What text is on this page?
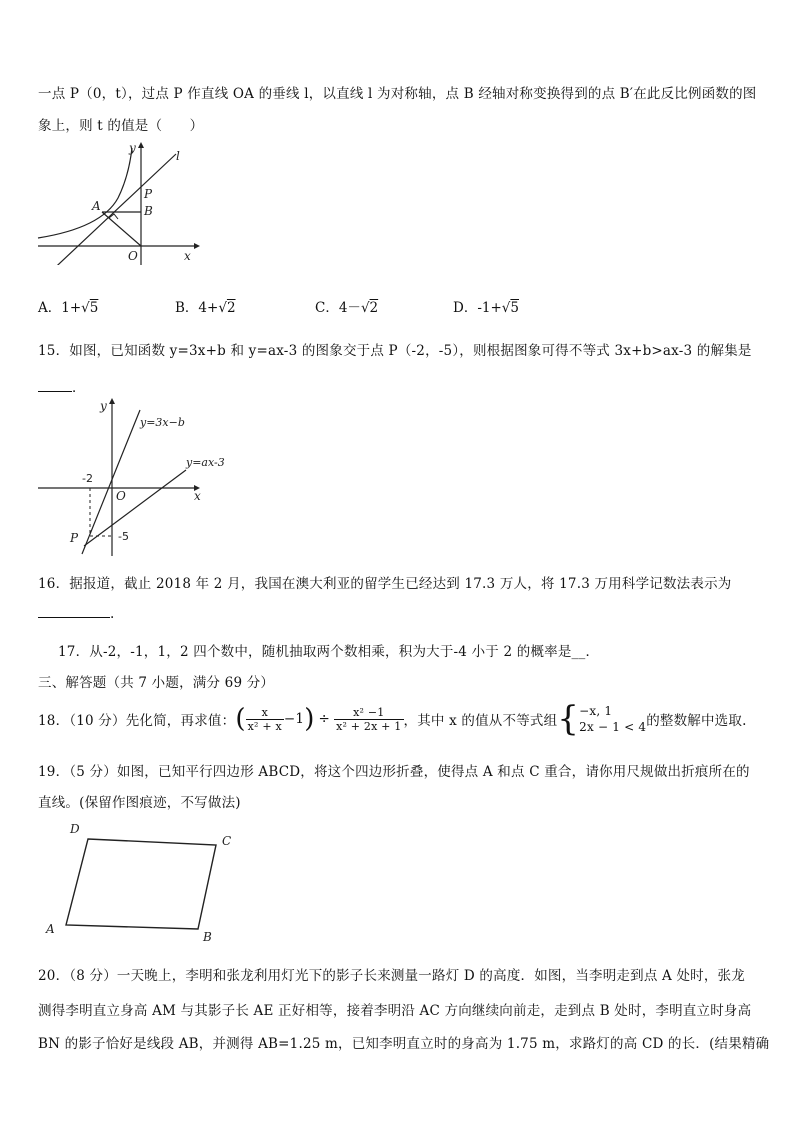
一点 P（0，t），过点 P 作直线 OA 的垂线 l，以直线 l 为对称轴，点 B 经轴对称变换得到的点 B′在此反比例函数的图
象上，则 t 的值是（　　）
y
x
l
P
A	B
O
A．1+√5	B．4+√2	C．4－√2	D．-1+√5
15．如图，已知函数 y=3x+b 和 y=ax-3 的图象交于点 P（-2，-5），则根据图象可得不等式 3x+b>ax-3 的解集是
．
y
x
y=3x−b
y=ax-3
-2
O
P	-5
16．据报道，截止 2018 年 2 月，我国在澳大利亚的留学生已经达到 17.3 万人，将 17.3 万用科学记数法表示为
.
17．从-2，-1，1，2 四个数中，随机抽取两个数相乘，积为大于-4 小于 2 的概率是__．
三、解答题（共 7 小题，满分 69 分）
18．（10 分）先化简，再求值： ( $\frac{x}{\text{x² + x}} -1$ ) ÷ $\frac{\text{x² −1}}{\text{x² + 2x + 1}}$ ，其中 x 的值从不等式组 { −x, 1
2x − 1 < 4 的整数解中选取.
19．（5 分）如图，已知平行四边形 ABCD，将这个四边形折叠，使得点 A 和点 C 重合，请你用尺规做出折痕所在的
直线。(保留作图痕迹，不写做法)
D
C
A
B
20．（8 分）一天晚上，李明和张龙利用灯光下的影子长来测量一路灯 D 的高度．如图，当李明走到点 A 处时，张龙
测得李明直立身高 AM 与其影子长 AE 正好相等，接着李明沿 AC 方向继续向前走，走到点 B 处时，李明直立时身高
BN 的影子恰好是线段 AB，并测得 AB=1.25 m，已知李明直立时的身高为 1.75 m，求路灯的高 CD 的长．(结果精确
